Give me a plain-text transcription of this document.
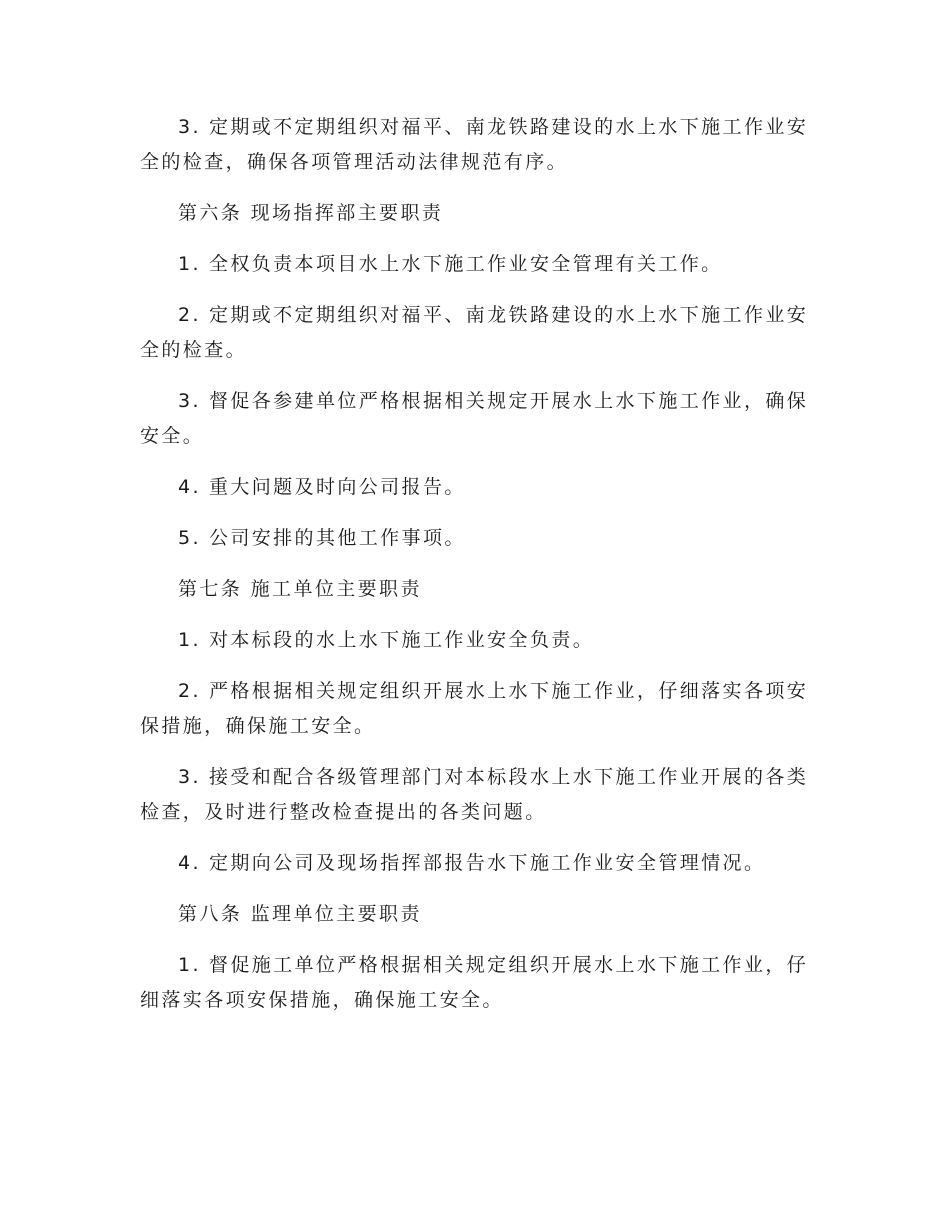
3. 定期或不定期组织对福平、南龙铁路建设的水上水下施工作业安全的检查，确保各项管理活动法律规范有序。

第六条 现场指挥部主要职责

1. 全权负责本项目水上水下施工作业安全管理有关工作。

2. 定期或不定期组织对福平、南龙铁路建设的水上水下施工作业安全的检查。

3. 督促各参建单位严格根据相关规定开展水上水下施工作业，确保安全。

4. 重大问题及时向公司报告。

5. 公司安排的其他工作事项。

第七条 施工单位主要职责

1. 对本标段的水上水下施工作业安全负责。

2. 严格根据相关规定组织开展水上水下施工作业，仔细落实各项安保措施，确保施工安全。

3. 接受和配合各级管理部门对本标段水上水下施工作业开展的各类检查，及时进行整改检查提出的各类问题。

4. 定期向公司及现场指挥部报告水下施工作业安全管理情况。

第八条 监理单位主要职责

1. 督促施工单位严格根据相关规定组织开展水上水下施工作业，仔细落实各项安保措施，确保施工安全。
